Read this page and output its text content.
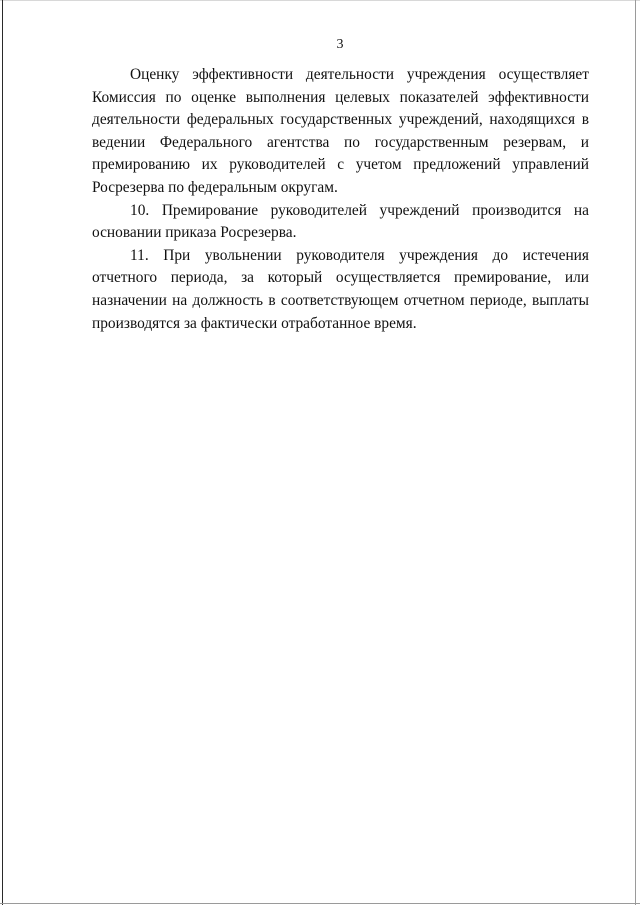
3

Оценку эффективности деятельности учреждения осуществляет Комиссия по оценке выполнения целевых показателей эффективности деятельности федеральных государственных учреждений, находящихся в ведении Федерального агентства по государственным резервам, и премированию их руководителей с учетом предложений управлений Росрезерва по федеральным округам.

10. Премирование руководителей учреждений производится на основании приказа Росрезерва.

11. При увольнении руководителя учреждения до истечения отчетного периода, за который осуществляется премирование, или назначении на должность в соответствующем отчетном периоде, выплаты производятся за фактически отработанное время.
